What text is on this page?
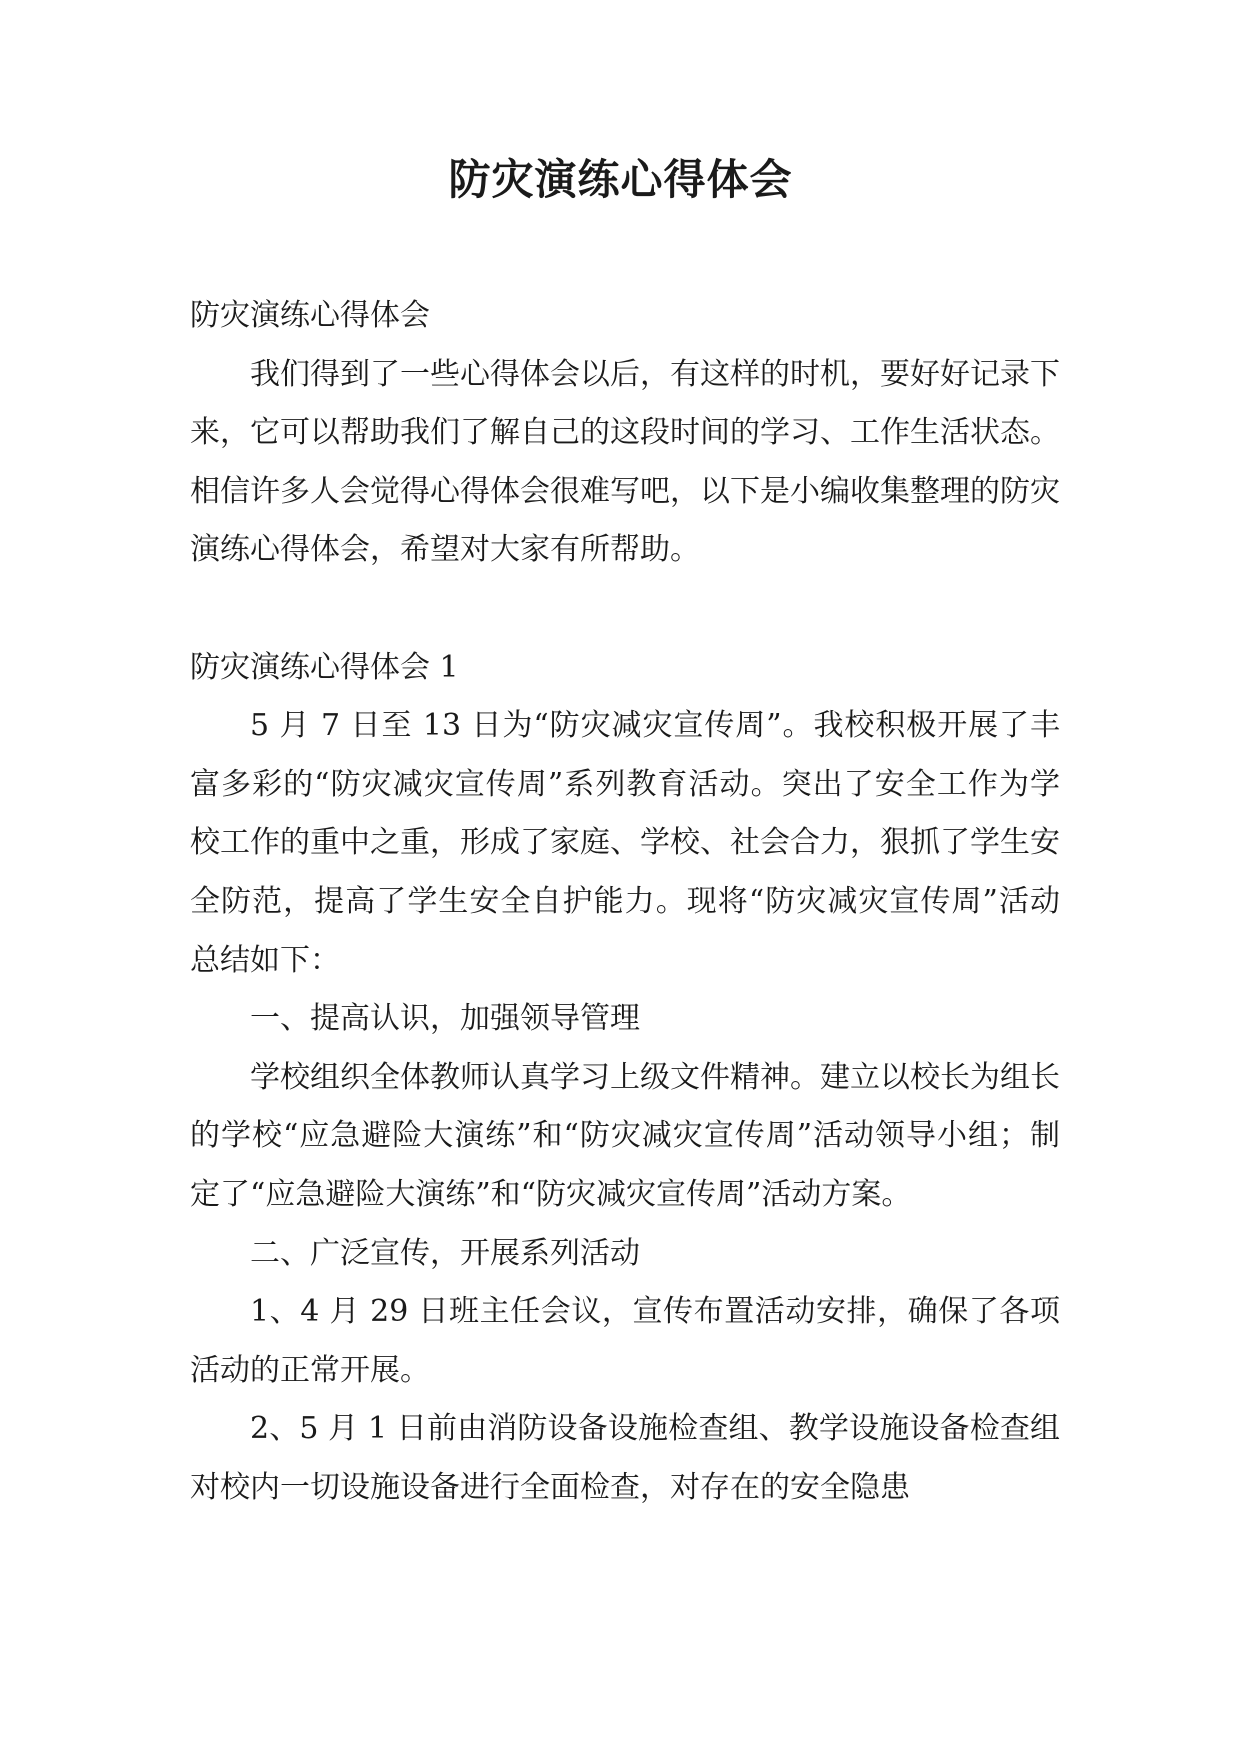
防灾演练心得体会

防灾演练心得体会

我们得到了一些心得体会以后，有这样的时机，要好好记录下来，它可以帮助我们了解自己的这段时间的学习、工作生活状态。相信许多人会觉得心得体会很难写吧，以下是小编收集整理的防灾演练心得体会，希望对大家有所帮助。

防灾演练心得体会 1

5 月 7 日至 13 日为“防灾减灾宣传周”。我校积极开展了丰富多彩的“防灾减灾宣传周”系列教育活动。突出了安全工作为学校工作的重中之重，形成了家庭、学校、社会合力，狠抓了学生安全防范，提高了学生安全自护能力。现将“防灾减灾宣传周”活动总结如下：

一、提高认识，加强领导管理

学校组织全体教师认真学习上级文件精神。建立以校长为组长的学校“应急避险大演练”和“防灾减灾宣传周”活动领导小组；制定了“应急避险大演练”和“防灾减灾宣传周”活动方案。

二、广泛宣传，开展系列活动

1、4 月 29 日班主任会议，宣传布置活动安排，确保了各项活动的正常开展。

2、5 月 1 日前由消防设备设施检查组、教学设施设备检查组对校内一切设施设备进行全面检查，对存在的安全隐患
